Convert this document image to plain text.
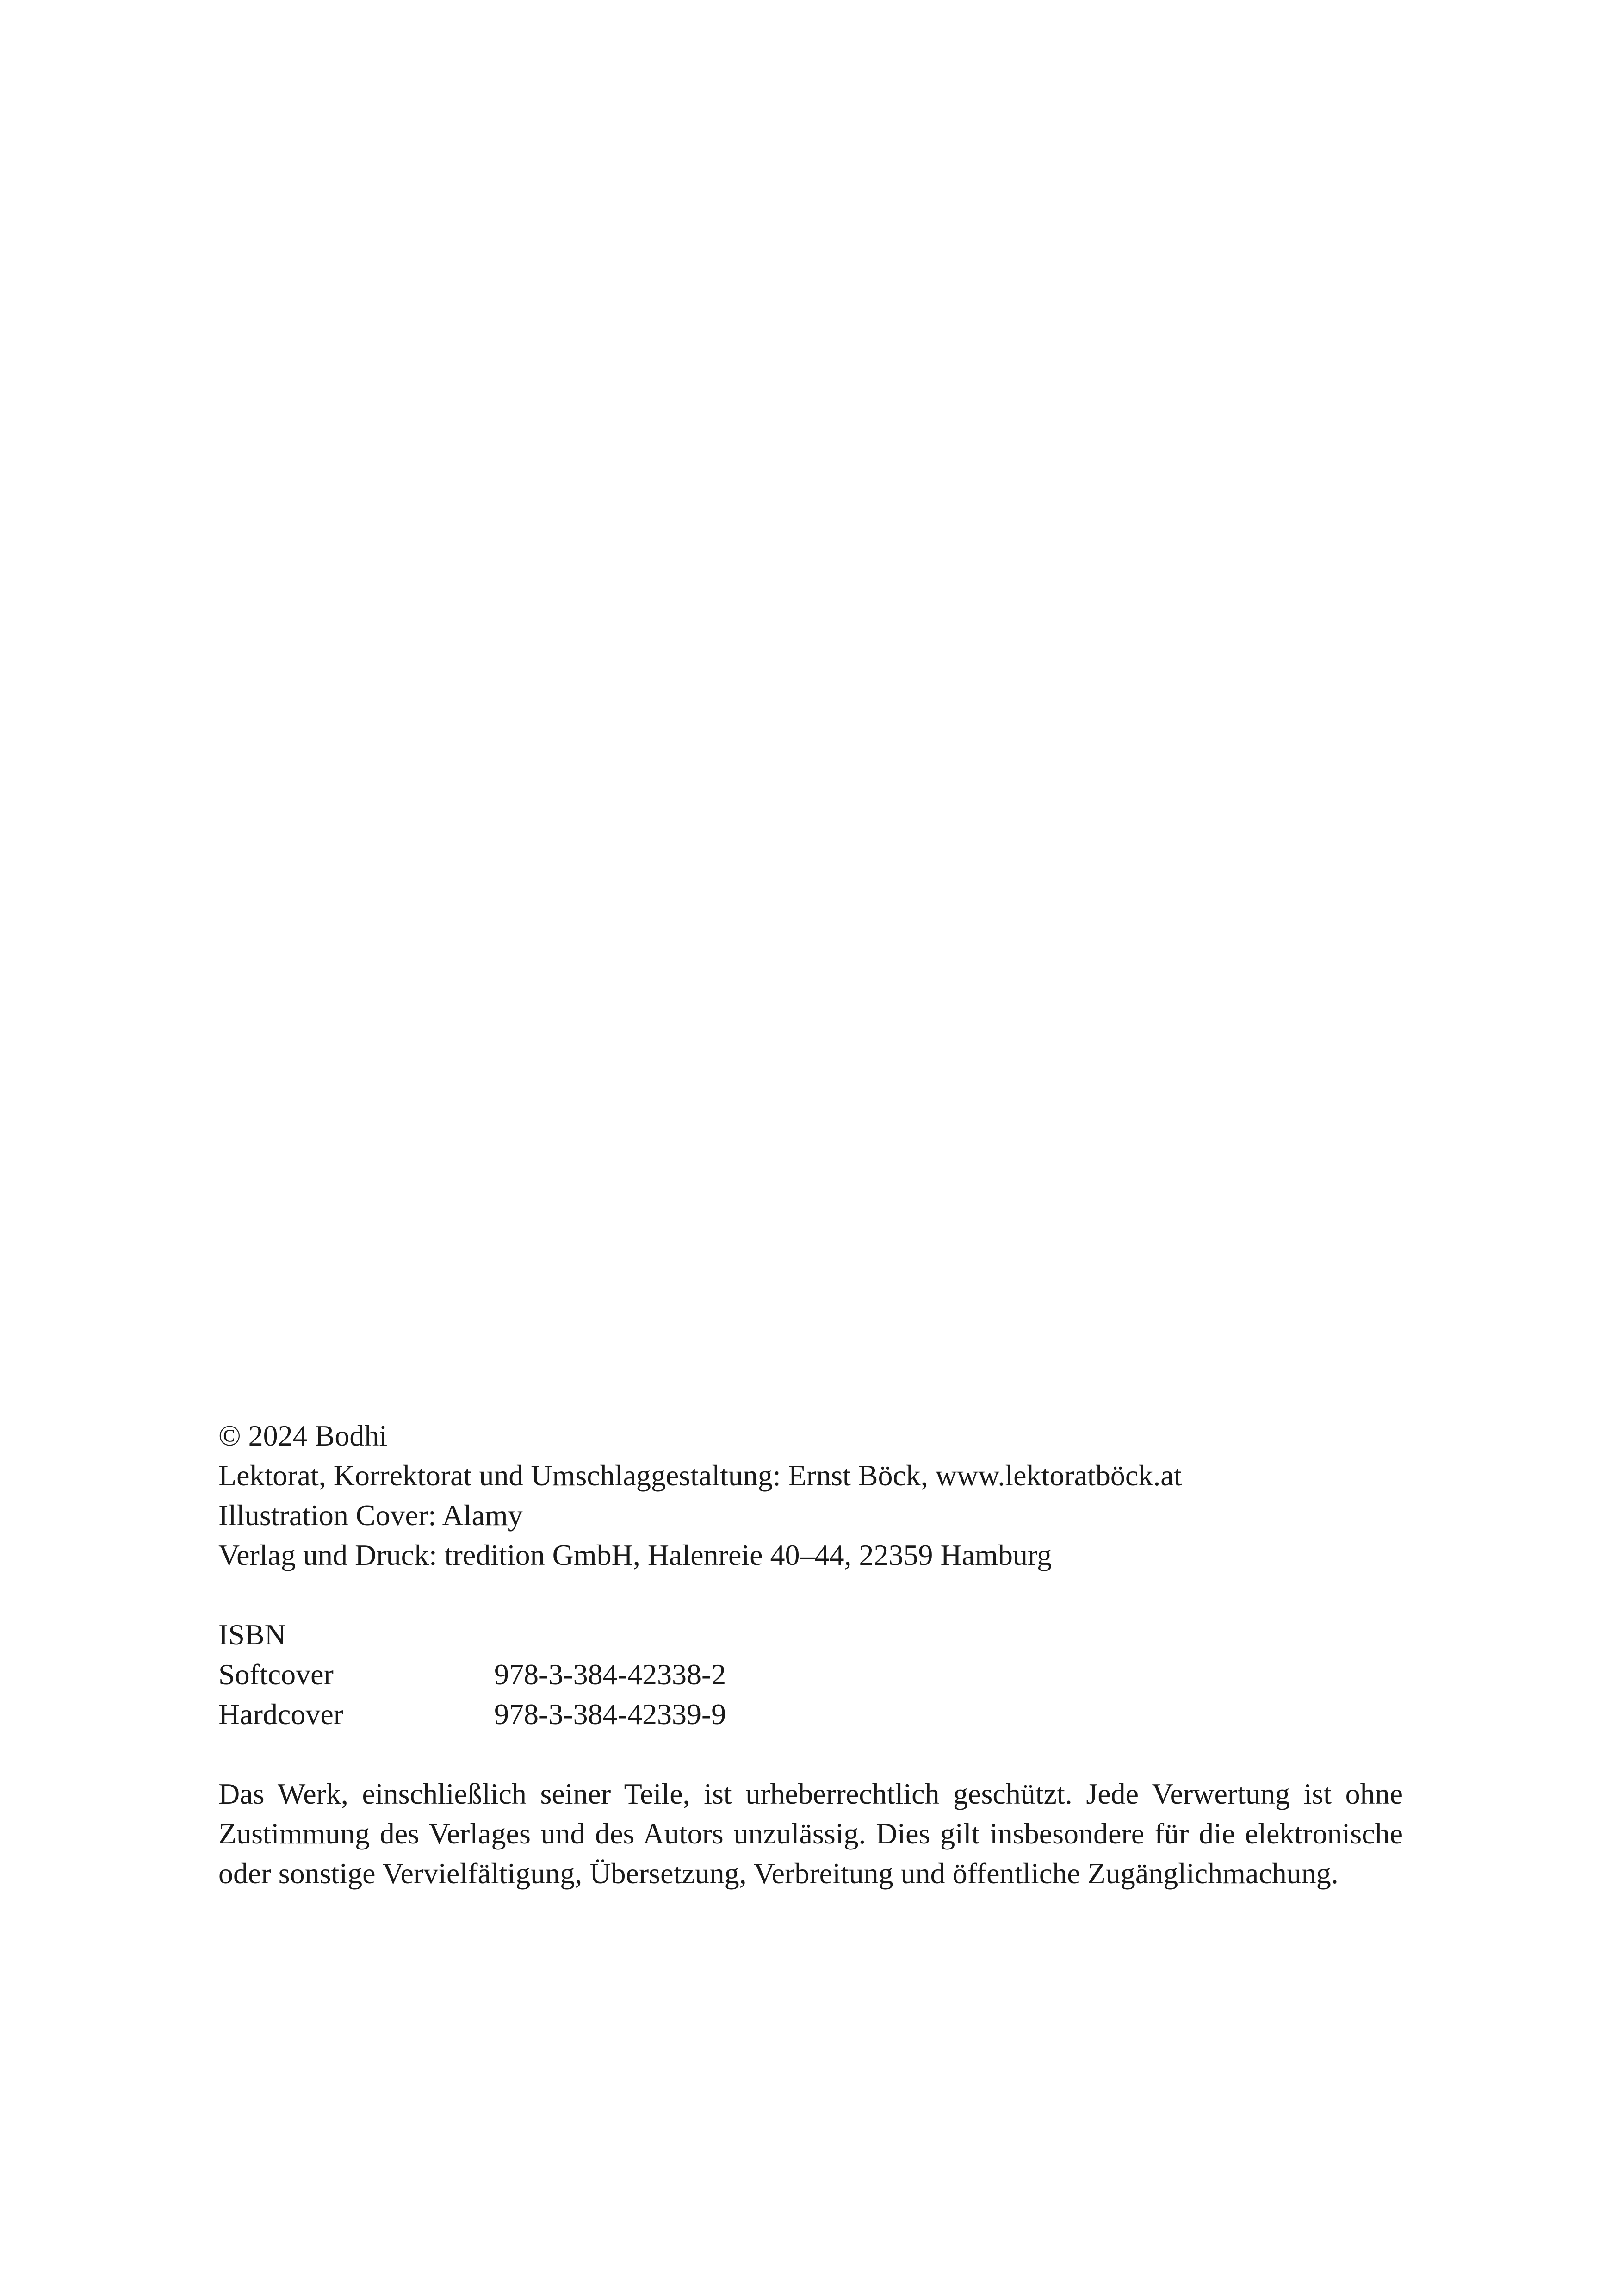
© 2024 Bodhi

Lektorat, Korrektorat und Umschlaggestaltung: Ernst Böck, www.lektoratböck.at
Illustration Cover: Alamy
Verlag und Druck: tredition GmbH, Halenreie 40–44, 22359 Hamburg
ISBN
Softcover	978-3-384-42338-2
Hardcover	978-3-384-42339-9

Das Werk, einschließlich seiner Teile, ist urheberrechtlich geschützt. Jede Verwertung ist ohne Zustimmung des Verlages und des Autors unzulässig. Dies gilt insbesondere für die elektronische oder sonstige Vervielfältigung, Übersetzung, Verbreitung und öffentliche Zugänglichmachung.
